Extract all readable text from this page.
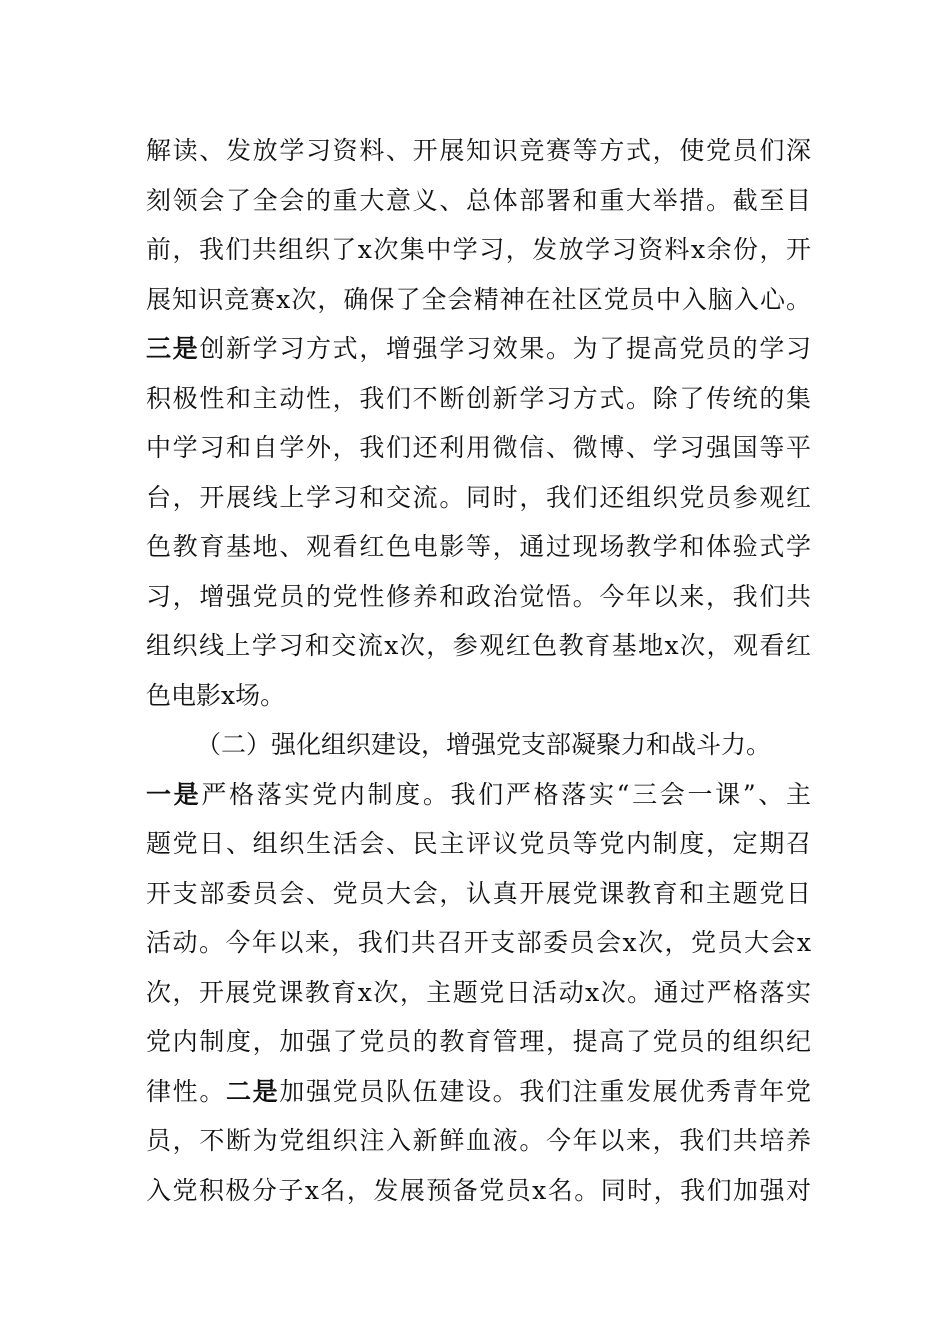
解读、发放学习资料、开展知识竞赛等方式，使党员们深
刻领会了全会的重大意义、总体部署和重大举措。截至目
前，我们共组织了x次集中学习，发放学习资料x余份，开
展知识竞赛x次，确保了全会精神在社区党员中入脑入心。
三是创新学习方式，增强学习效果。为了提高党员的学习
积极性和主动性，我们不断创新学习方式。除了传统的集
中学习和自学外，我们还利用微信、微博、学习强国等平
台，开展线上学习和交流。同时，我们还组织党员参观红
色教育基地、观看红色电影等，通过现场教学和体验式学
习，增强党员的党性修养和政治觉悟。今年以来，我们共
组织线上学习和交流x次，参观红色教育基地x次，观看红
色电影x场。
（二）强化组织建设，增强党支部凝聚力和战斗力。
一是严格落实党内制度。我们严格落实“三会一课”、主
题党日、组织生活会、民主评议党员等党内制度，定期召
开支部委员会、党员大会，认真开展党课教育和主题党日
活动。今年以来，我们共召开支部委员会x次，党员大会x
次，开展党课教育x次，主题党日活动x次。通过严格落实
党内制度，加强了党员的教育管理，提高了党员的组织纪
律性。二是加强党员队伍建设。我们注重发展优秀青年党
员，不断为党组织注入新鲜血液。今年以来，我们共培养
入党积极分子x名，发展预备党员x名。同时，我们加强对
